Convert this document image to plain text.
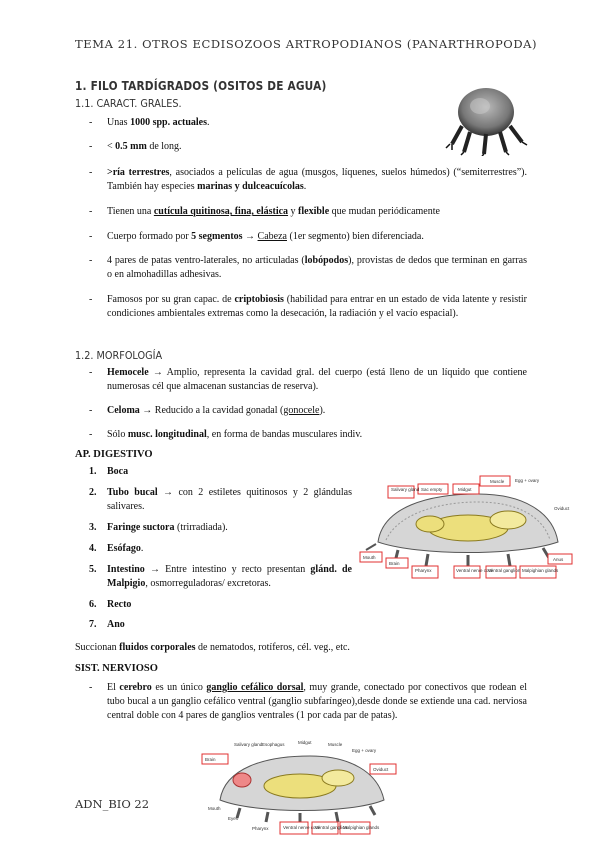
TEMA 21. OTROS ECDISOZOOS ARTROPODIANOS (PANARTHROPODA)
1. FILO TARDÍGRADOS (OSITOS DE AGUA)
1.1. CARACT. GRALES.
- Unas 1000 spp. actuales.
- < 0.5 mm de long.
- >ría terrestres, asociados a películas de agua (musgos, líquenes, suelos húmedos) (“semiterrestres”). También hay especies marinas y dulceacuícolas.
- Tienen una cutícula quitinosa, fina, elástica y flexible que mudan periódicamente
- Cuerpo formado por 5 segmentos → Cabeza (1er segmento) bien diferenciada.
- 4 pares de patas ventro-laterales, no articuladas (lobópodos), provistas de dedos que terminan en garras o en almohadillas adhesivas.
- Famosos por su gran capac. de criptobiosis (habilidad para entrar en un estado de vida latente y resistir condiciones ambientales extremas como la desecación, la radiación y el vacío espacial).
1.2. MORFOLOGÍA
- Hemocele → Amplio, representa la cavidad gral. del cuerpo (está lleno de un líquido que contiene numerosas cél que almacenan sustancias de reserva).
- Celoma → Reducido a la cavidad gonadal (gonocele).
- Sólo musc. longitudinal, en forma de bandas musculares indiv.
AP. DIGESTIVO
1. Boca
2. Tubo bucal → con 2 estiletes quitinosos y 2 glándulas salivares.
3. Faringe suctora (trirradiada).
4. Esófago.
5. Intestino → Entre intestino y recto presentan glánd. de Malpigio, osmorreguladoras/ excretoras.
6. Recto
7. Ano
Succionan fluidos corporales de nematodos, rotíferos, cél. veg., etc.
Salivary gland Sac empty	Midgut
Muscle Egg + ovary
Oviduct
Mouth
Brain
Pharynx	Ventral nerve cord
Ventral ganglion Malpighian glands
Anus
SIST. NERVIOSO
- El cerebro es un único ganglio cefálico dorsal, muy grande, conectado por conectivos que rodean el tubo bucal a un ganglio cefálico ventral (ganglio subfaríngeo),desde donde se extiende una cad. nerviosa central doble con 4 pares de ganglios ventrales (1 por cada par de patas).
Salivary gland Esophagus	Midgut	Muscle
Egg + ovary
Brain
Oviduct
Mouth
Eyes
Pharynx	Ventral nerve cord
Ventral ganglion
Malpighian glands
ADN_BIO 22
